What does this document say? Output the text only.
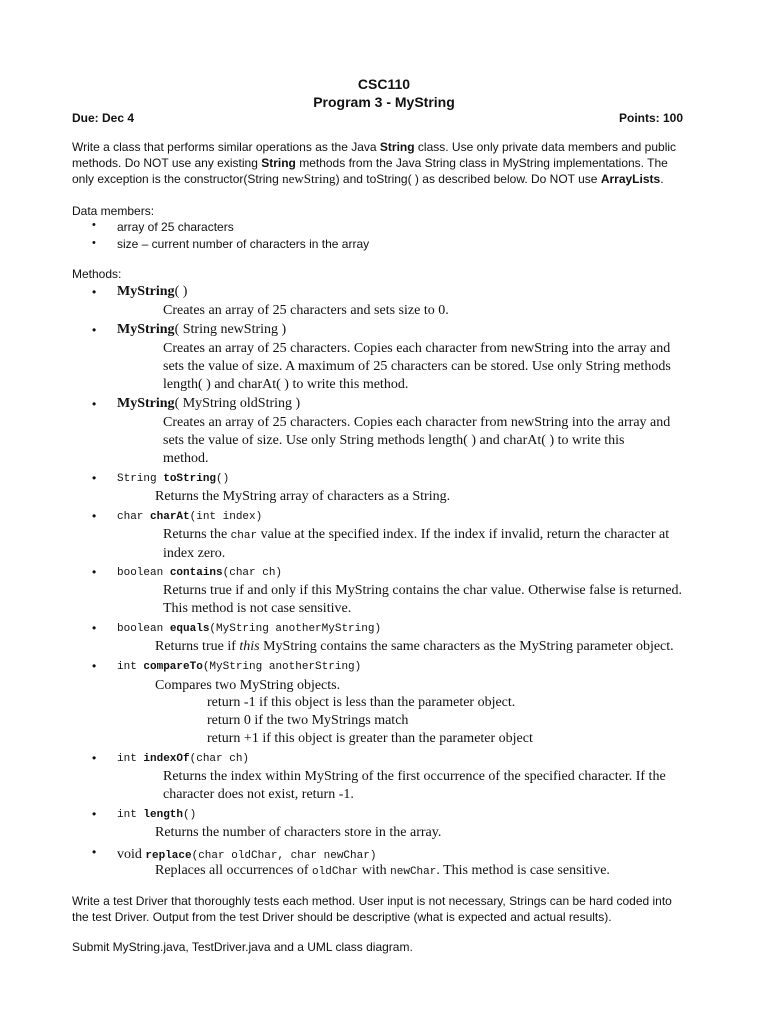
CSC110
Program 3 - MyString
Due: Dec 4	Points: 100

Write a class that performs similar operations as the Java String class. Use only private data members and public

methods. Do NOT use any existing String methods from the Java String class in MyString implementations. The

only exception is the constructor(String newString) and toString( ) as described below. Do NOT use ArrayLists.

Data members:
• array of 25 characters
• size – current number of characters in the array
Methods:
• MyString( )
Creates an array of 25 characters and sets size to 0.
• MyString( String newString )

Creates an array of 25 characters. Copies each character from newString into the array and

sets the value of size. A maximum of 25 characters can be stored. Use only String methods

length( ) and charAt( ) to write this method.

• MyString( MyString oldString )

Creates an array of 25 characters. Copies each character from newString into the array and

sets the value of size. Use only String methods length( ) and charAt( ) to write this

method.

• String toString()
Returns the MyString array of characters as a String.
• char charAt(int index)

Returns the char value at the specified index. If the index if invalid, return the character at

index zero.

• boolean contains(char ch)

Returns true if and only if this MyString contains the char value. Otherwise false is returned.

This method is not case sensitive.

• boolean equals(MyString anotherMyString)
Returns true if this MyString contains the same characters as the MyString parameter object.
• int compareTo(MyString anotherString)
Compares two MyString objects.

return -1 if this object is less than the parameter object.

return 0 if the two MyStrings match

return +1 if this object is greater than the parameter object

• int indexOf(char ch)

Returns the index within MyString of the first occurrence of the specified character. If the

character does not exist, return -1.

• int length()
Returns the number of characters store in the array.
• void replace(char oldChar, char newChar)
Replaces all occurrences of oldChar with newChar. This method is case sensitive.

Write a test Driver that thoroughly tests each method. User input is not necessary, Strings can be hard coded into

the test Driver. Output from the test Driver should be descriptive (what is expected and actual results).

Submit MyString.java, TestDriver.java and a UML class diagram.
